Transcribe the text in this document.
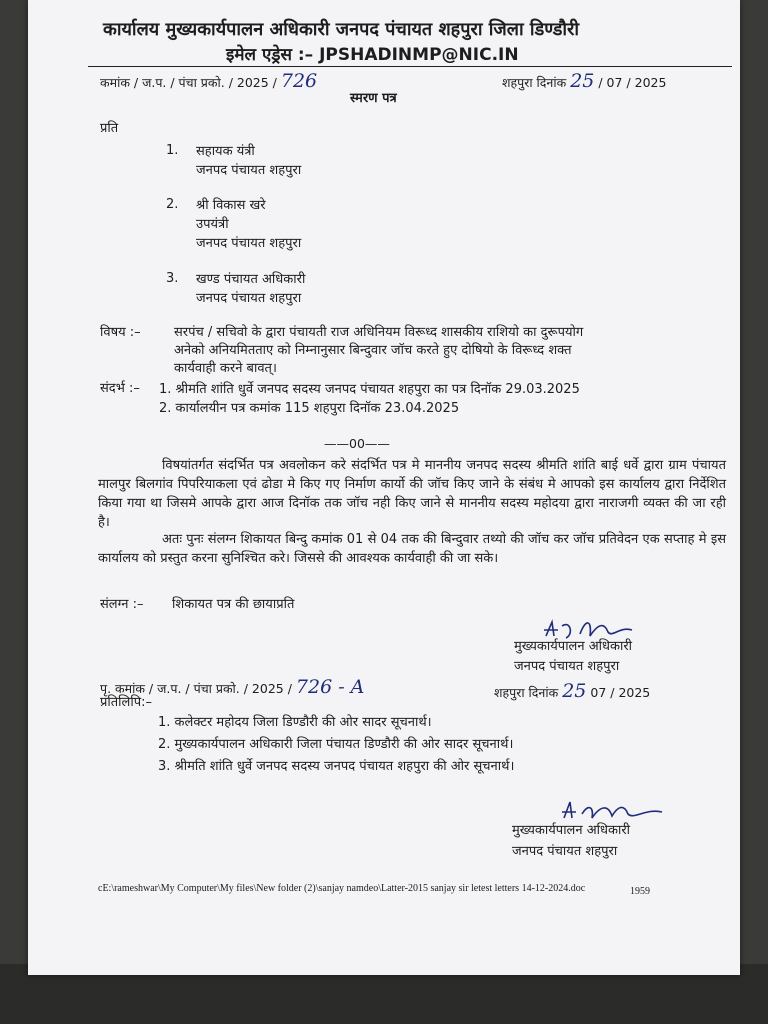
कार्यालय मुख्यकार्यपालन अधिकारी जनपद पंचायत शहपुरा जिला डिण्डौरी
इमेल एड्रेस :– JPSHADINMP@NIC.IN
कमांक / ज.प. / पंचा प्रको. / 2025 / 726	शहपुरा दिनांक 25 / 07 / 2025
स्मरण पत्र
प्रति
1. सहायक यंत्री
जनपद पंचायत शहपुरा
2. श्री विकास खरे
उपयंत्री
जनपद पंचायत शहपुरा
3. खण्ड पंचायत अधिकारी
जनपद पंचायत शहपुरा
विषय :–	सरपंच / सचिवो के द्वारा पंचायती राज अधिनियम विरूध्द शासकीय राशियो का दुरूपयोग
अनेको अनियमितताए को निम्नानुसार बिन्दुवार जॉच करते हुए दोषियो के विरूध्द शक्त
कार्यवाही करने बावत्।
संदर्भ :– 1. श्रीमति शांति धुर्वे जनपद सदस्य जनपद पंचायत शहपुरा का पत्र दिनॉक 29.03.2025
2. कार्यालयीन पत्र कमांक 115 शहपुरा दिनॉक 23.04.2025
——00——
विषयांतर्गत संदर्भित पत्र अवलोकन करे संदर्भित पत्र मे माननीय जनपद सदस्य श्रीमति शांति बाई धर्वे द्वारा ग्राम पंचायत मालपुर बिलगांव पिपरियाकला एवं ढोडा मे किए गए निर्माण कार्यो की जॉच किए जाने के संबंध मे आपको इस कार्यालय द्वारा निर्देशित किया गया था जिसमे आपके द्वारा आज दिनॉक तक जॉच नही किए जाने से माननीय सदस्य महोदया द्वारा नाराजगी व्यक्त की जा रही है।
अतः पुनः संलग्न शिकायत बिन्दु कमांक 01 से 04 तक की बिन्दुवार तथ्यो की जॉच कर जॉच प्रतिवेदन एक सप्ताह मे इस कार्यालय को प्रस्तुत करना सुनिश्चित करे। जिससे की आवश्यक कार्यवाही की जा सके।
संलग्न :– शिकायत पत्र की छायाप्रति
मुख्यकार्यपालन अधिकारी
जनपद पंचायत शहपुरा
पृ. कमांक / ज.प. / पंचा प्रको. / 2025 / 726 - A	शहपुरा दिनांक 25 07 / 2025
प्रतिलिपि:–
1. कलेक्टर महोदय जिला डिण्डौरी की ओर सादर सूचनार्थ।
2. मुख्यकार्यपालन अधिकारी जिला पंचायत डिण्डौरी की ओर सादर सूचनार्थ।
3. श्रीमति शांति धुर्वे जनपद सदस्य जनपद पंचायत शहपुरा की ओर सूचनार्थ।
मुख्यकार्यपालन अधिकारी
जनपद पंचायत शहपुरा
cE:\rameshwar\My Computer\My files\New folder (2)\sanjay namdeo\Latter-2015 sanjay sir letest letters 14-12-2024.doc	1959
